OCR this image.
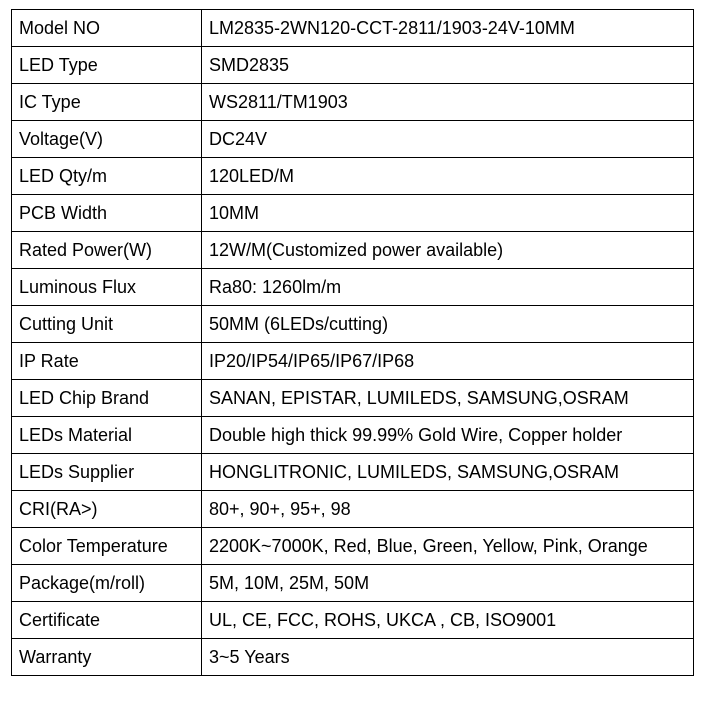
Model NO	LM2835-2WN120-CCT-2811/1903-24V-10MM
LED Type	SMD2835
IC Type	WS2811/TM1903
Voltage(V)	DC24V
LED Qty/m	120LED/M
PCB Width	10MM
Rated Power(W)	12W/M(Customized power available)
Luminous Flux	Ra80: 1260lm/m
Cutting Unit	50MM (6LEDs/cutting)
IP Rate	IP20/IP54/IP65/IP67/IP68
LED Chip Brand	SANAN, EPISTAR, LUMILEDS, SAMSUNG,OSRAM
LEDs Material	Double high thick 99.99% Gold Wire, Copper holder
LEDs Supplier	HONGLITRONIC, LUMILEDS, SAMSUNG,OSRAM
CRI(RA>)	80+, 90+, 95+, 98
Color Temperature	2200K~7000K, Red, Blue, Green, Yellow, Pink, Orange
Package(m/roll)	5M, 10M, 25M, 50M
Certificate	UL, CE, FCC, ROHS, UKCA , CB, ISO9001
Warranty	3~5 Years
